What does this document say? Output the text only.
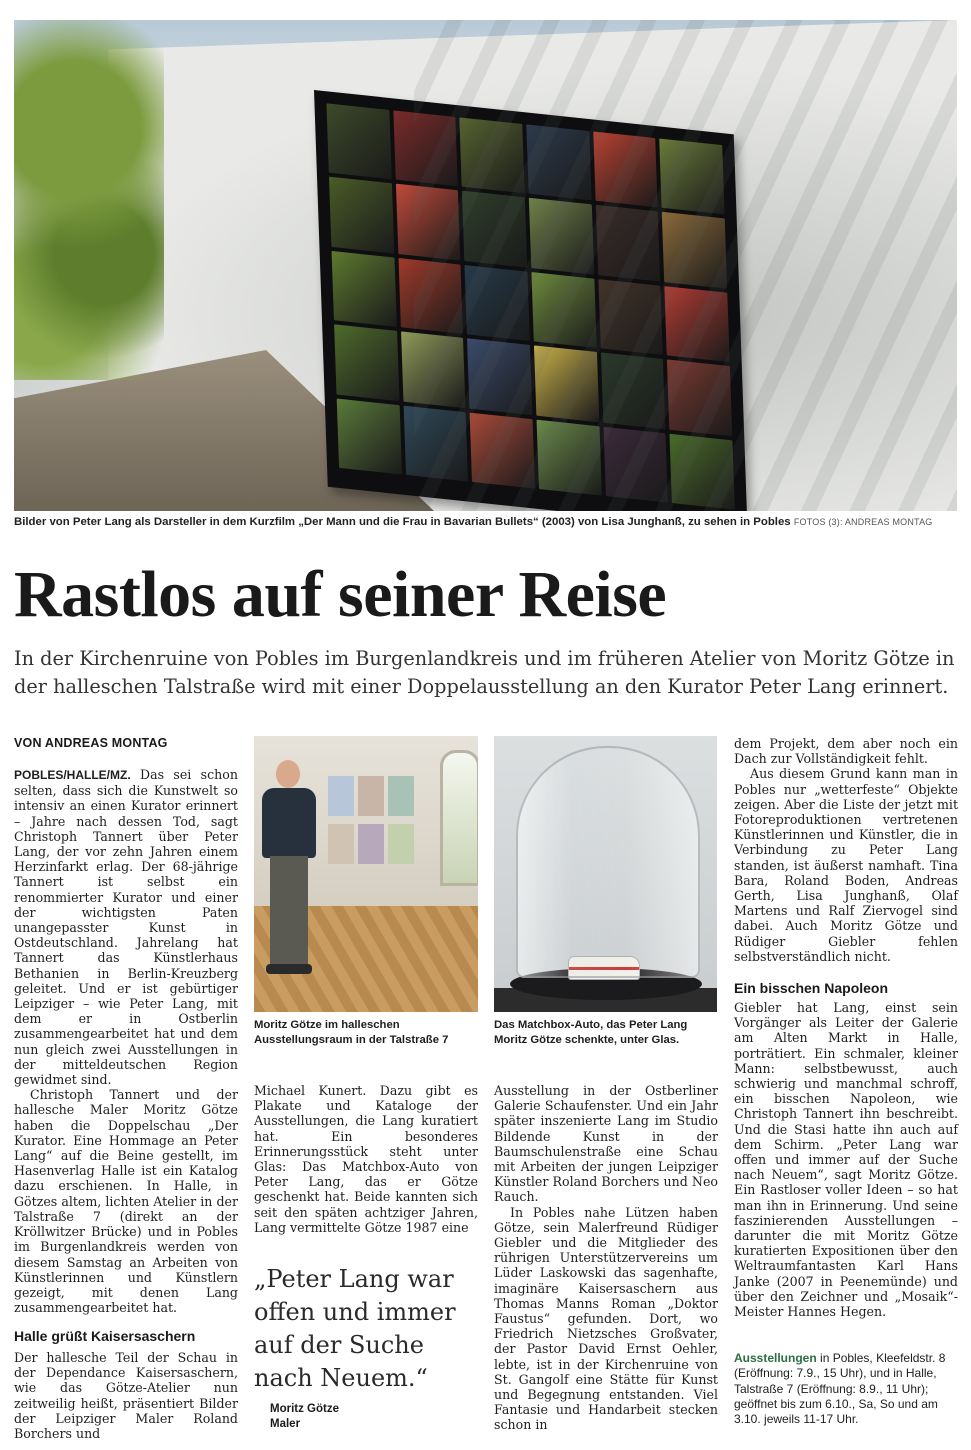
Bilder von Peter Lang als Darsteller in dem Kurzfilm „Der Mann und die Frau in Bavarian Bullets“ (2003) von Lisa Junghanß, zu sehen in Pobles FOTOS (3): ANDREAS MONTAG
Rastlos auf seiner Reise
In der Kirchenruine von Pobles im Burgenlandkreis und im früheren Atelier von Moritz Götze in der halleschen Talstraße wird mit einer Doppelausstellung an den Kurator Peter Lang erinnert.
VON ANDREAS MONTAG

POBLES/HALLE/MZ. Das sei schon selten, dass sich die Kunstwelt so intensiv an einen Kurator erinnert – Jahre nach dessen Tod, sagt Christoph Tannert über Peter Lang, der vor zehn Jahren einem Herzinfarkt erlag. Der 68-jährige Tannert ist selbst ein renommierter Kurator und einer der wichtigsten Paten unangepasster Kunst in Ostdeutschland. Jahrelang hat Tannert das Künstlerhaus Bethanien in Berlin-Kreuzberg geleitet. Und er ist gebürtiger Leipziger – wie Peter Lang, mit dem er in Ostberlin zusammengearbeitet hat und dem nun gleich zwei Ausstellungen in der mitteldeutschen Region gewidmet sind.

Christoph Tannert und der hallesche Maler Moritz Götze haben die Doppelschau „Der Kurator. Eine Hommage an Peter Lang“ auf die Beine gestellt, im Hasenverlag Halle ist ein Katalog dazu erschienen. In Halle, in Götzes altem, lichten Atelier in der Talstraße 7 (direkt an der Kröllwitzer Brücke) und in Pobles im Burgenlandkreis werden von diesem Samstag an Arbeiten von Künstlerinnen und Künstlern gezeigt, mit denen Lang zusammengearbeitet hat.

Halle grüßt Kaisersaschern

Der hallesche Teil der Schau in der Dependance Kaisersaschern, wie das Götze-Atelier nun zeitweilig heißt, präsentiert Bilder der Leipziger Maler Roland Borchers und

Moritz Götze im halleschen Ausstellungsraum in der Talstraße 7

Michael Kunert. Dazu gibt es Plakate und Kataloge der Ausstellungen, die Lang kuratiert hat. Ein besonderes Erinnerungsstück steht unter Glas: Das Matchbox-Auto von Peter Lang, das er Götze geschenkt hat. Beide kannten sich seit den späten achtziger Jahren, Lang vermittelte Götze 1987 eine

„Peter Lang war offen und immer auf der Suche nach Neuem.“
Moritz Götze
Maler
Das Matchbox-Auto, das Peter Lang Moritz Götze schenkte, unter Glas.

Ausstellung in der Ostberliner Galerie Schaufenster. Und ein Jahr später inszenierte Lang im Studio Bildende Kunst in der Baumschulenstraße eine Schau mit Arbeiten der jungen Leipziger Künstler Roland Borchers und Neo Rauch.

In Pobles nahe Lützen haben Götze, sein Malerfreund Rüdiger Giebler und die Mitglieder des rührigen Unterstützervereins um Lüder Laskowski das sagenhafte, imaginäre Kaisersaschern aus Thomas Manns Roman „Doktor Faustus“ gefunden. Dort, wo Friedrich Nietzsches Großvater, der Pastor David Ernst Oehler, lebte, ist in der Kirchenruine von St. Gangolf eine Stätte für Kunst und Begegnung entstanden. Viel Fantasie und Handarbeit stecken schon in

dem Projekt, dem aber noch ein Dach zur Vollständigkeit fehlt.

Aus diesem Grund kann man in Pobles nur „wetterfeste“ Objekte zeigen. Aber die Liste der jetzt mit Fotoreproduktionen vertretenen Künstlerinnen und Künstler, die in Verbindung zu Peter Lang standen, ist äußerst namhaft. Tina Bara, Roland Boden, Andreas Gerth, Lisa Junghanß, Olaf Martens und Ralf Ziervogel sind dabei. Auch Moritz Götze und Rüdiger Giebler fehlen selbstverständlich nicht.

Ein bisschen Napoleon

Giebler hat Lang, einst sein Vorgänger als Leiter der Galerie am Alten Markt in Halle, porträtiert. Ein schmaler, kleiner Mann: selbstbewusst, auch schwierig und manchmal schroff, ein bisschen Napoleon, wie Christoph Tannert ihn beschreibt. Und die Stasi hatte ihn auch auf dem Schirm. „Peter Lang war offen und immer auf der Suche nach Neuem“, sagt Moritz Götze. Ein Rastloser voller Ideen – so hat man ihn in Erinnerung. Und seine faszinierenden Ausstellungen – darunter die mit Moritz Götze kuratierten Expositionen über den Weltraumfantasten Karl Hans Janke (2007 in Peenemünde) und über den Zeichner und „Mosaik“-Meister Hannes Hegen.

Ausstellungen in Pobles, Kleefeldstr. 8 (Eröffnung: 7.9., 15 Uhr), und in Halle, Talstraße 7 (Eröffnung: 8.9., 11 Uhr); geöffnet bis zum 6.10., Sa, So und am 3.10. jeweils 11-17 Uhr.
